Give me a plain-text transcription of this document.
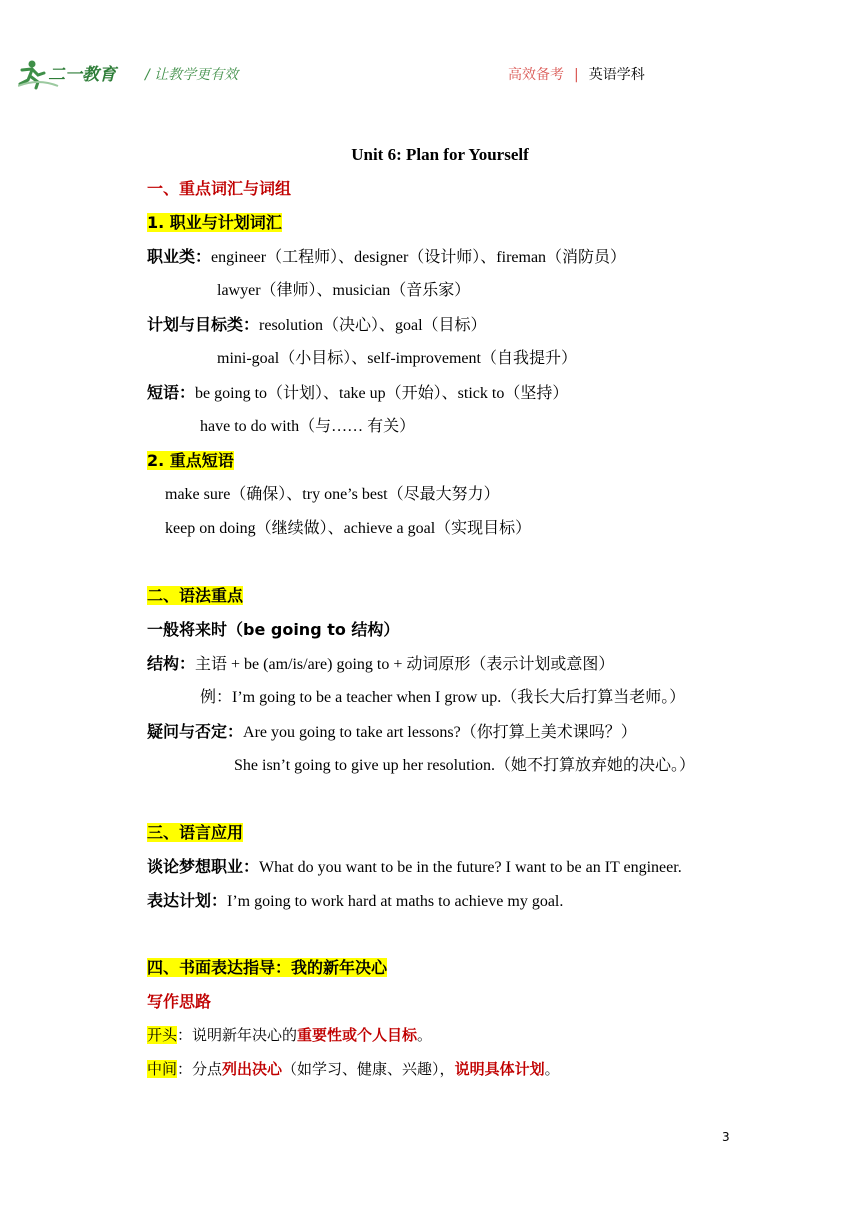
二一教育 / 让教学更有效	高效备考 | 英语学科
Unit 6: Plan for Yourself
一、重点词汇与词组
1. 职业与计划词汇
职业类：engineer（工程师）、designer（设计师）、fireman（消防员）
lawyer（律师）、musician（音乐家）
计划与目标类：resolution（决心）、goal（目标）
mini-goal（小目标）、self-improvement（自我提升）
短语：be going to（计划）、take up（开始）、stick to（坚持）
have to do with（与…… 有关）
2. 重点短语
make sure（确保）、try one’s best（尽最大努力）
keep on doing（继续做）、achieve a goal（实现目标）
二、语法重点
一般将来时（be going to 结构）
结构：主语 + be (am/is/are) going to + 动词原形（表示计划或意图）
例：I’m going to be a teacher when I grow up.（我长大后打算当老师。）
疑问与否定：Are you going to take art lessons?（你打算上美术课吗？）
She isn’t going to give up her resolution.（她不打算放弃她的决心。）
三、语言应用
谈论梦想职业：What do you want to be in the future? I want to be an IT engineer.
表达计划：I’m going to work hard at maths to achieve my goal.
四、书面表达指导：我的新年决心
写作思路
开头：说明新年决心的重要性或个人目标。
中间：分点列出决心（如学习、健康、兴趣），说明具体计划。
3
